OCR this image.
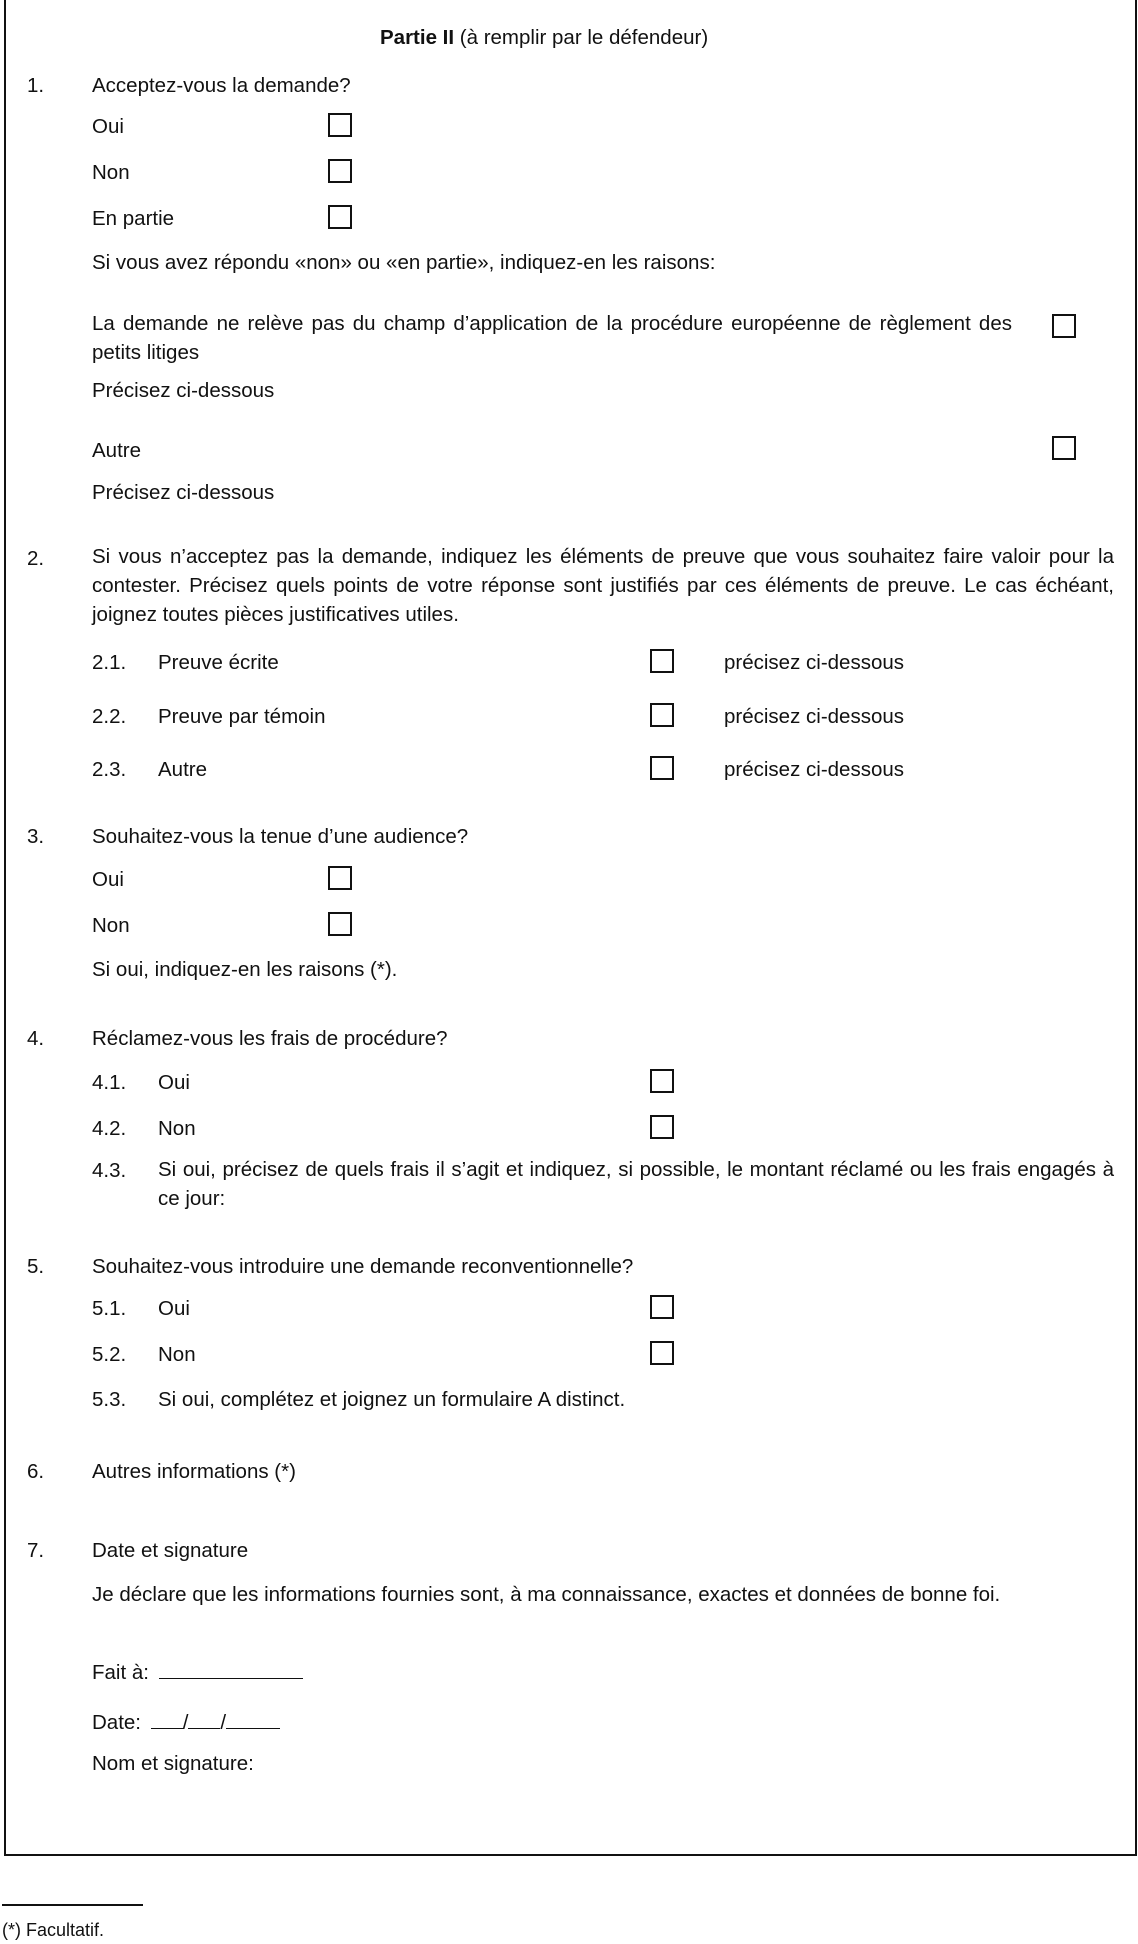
Partie II (à remplir par le défendeur)
1. Acceptez-vous la demande?
Oui
Non
En partie
Si vous avez répondu «non» ou «en partie», indiquez-en les raisons:
La demande ne relève pas du champ d’application de la procédure européenne de règlement des petits litiges
Précisez ci-dessous
Autre
Précisez ci-dessous
2. Si vous n’acceptez pas la demande, indiquez les éléments de preuve que vous souhaitez faire valoir pour la contester. Précisez quels points de votre réponse sont justifiés par ces éléments de preuve. Le cas échéant, joignez toutes pièces justificatives utiles.
2.1. Preuve écrite	précisez ci-dessous
2.2. Preuve par témoin	précisez ci-dessous
2.3. Autre	précisez ci-dessous
3. Souhaitez-vous la tenue d’une audience?
Oui
Non
Si oui, indiquez-en les raisons (*).
4. Réclamez-vous les frais de procédure?
4.1. Oui
4.2. Non
4.3. Si oui, précisez de quels frais il s’agit et indiquez, si possible, le montant réclamé ou les frais engagés à ce jour:
5. Souhaitez-vous introduire une demande reconventionnelle?
5.1. Oui
5.2. Non
5.3. Si oui, complétez et joignez un formulaire A distinct.
6. Autres informations (*)
7. Date et signature
Je déclare que les informations fournies sont, à ma connaissance, exactes et données de bonne foi.
Fait à:
Date: / /
Nom et signature:
(*) Facultatif.
